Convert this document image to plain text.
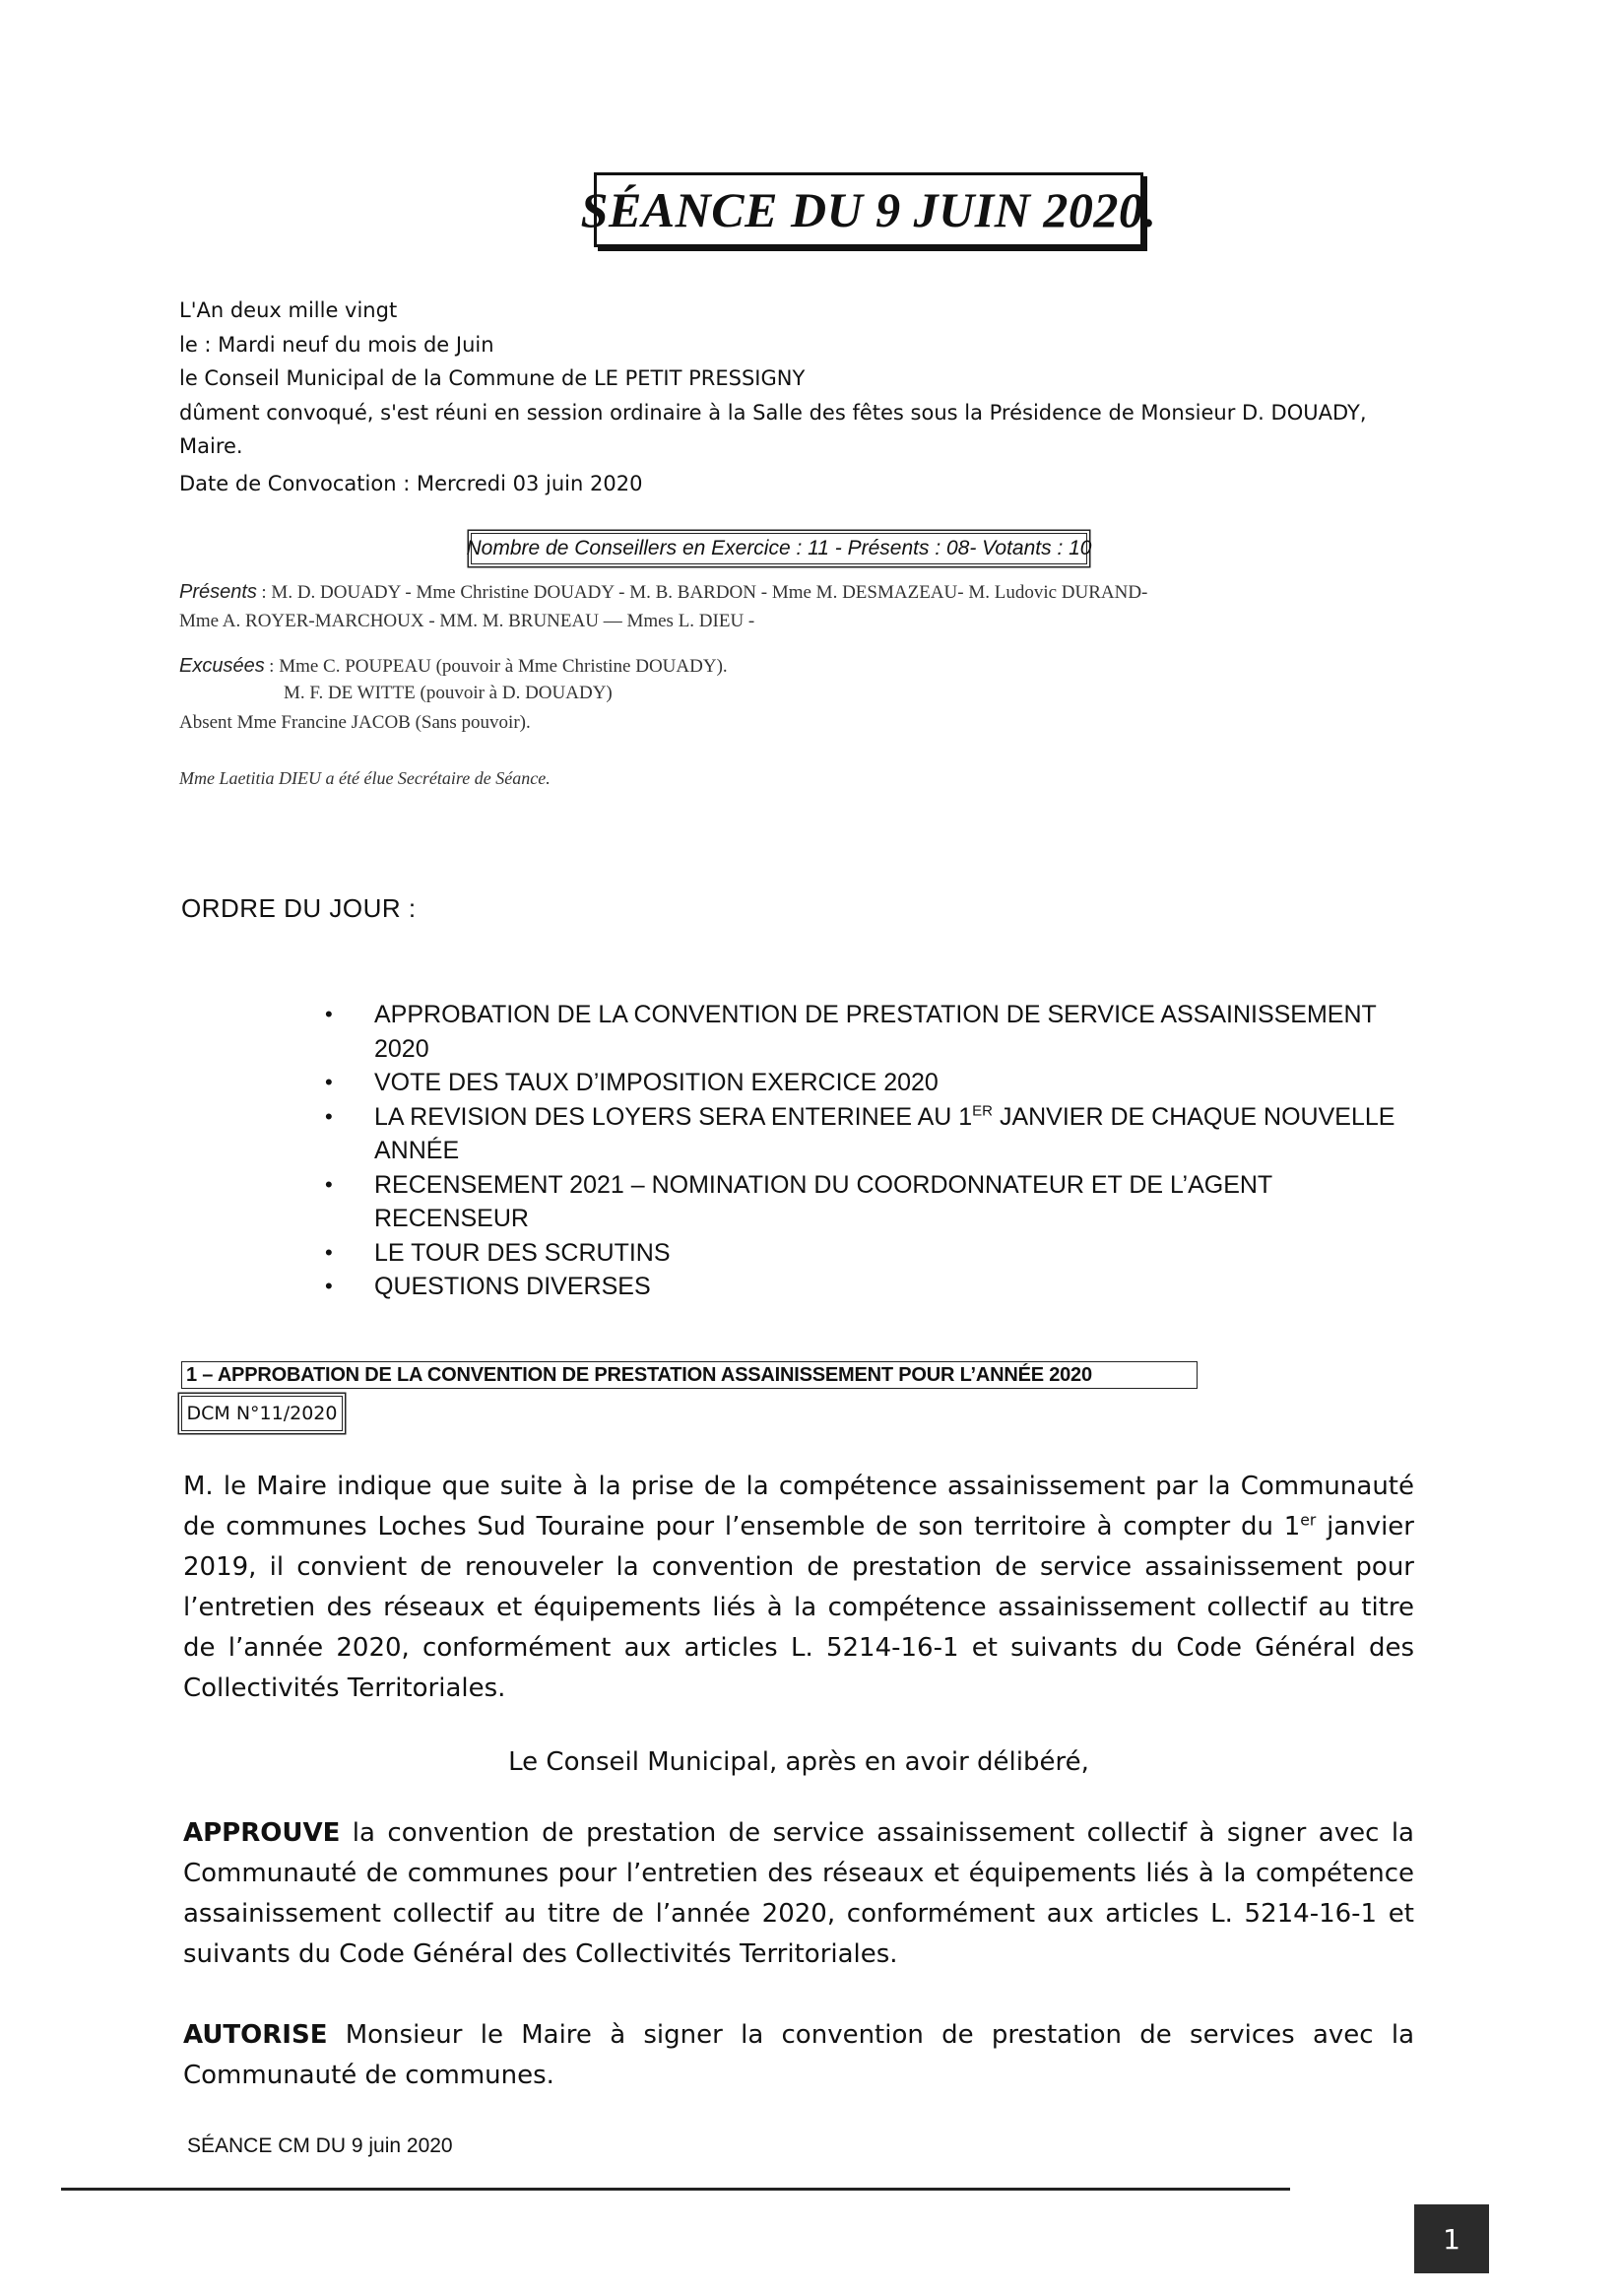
SÉANCE DU 9 JUIN 2020.

L'An deux mille vingt

le : Mardi neuf du mois de Juin

le Conseil Municipal de la Commune de LE PETIT PRESSIGNY

dûment convoqué, s'est réuni en session ordinaire à la Salle des fêtes sous la Présidence de Monsieur D. DOUADY,

Maire.

Date de Convocation : Mercredi 03 juin 2020
Nombre de Conseillers en Exercice : 11 - Présents : 08- Votants : 10
Présents : M. D. DOUADY - Mme Christine DOUADY - M. B. BARDON - Mme M. DESMAZEAU- M. Ludovic DURAND-
Mme A. ROYER-MARCHOUX - MM. M. BRUNEAU — Mmes L. DIEU -
Excusées : Mme C. POUPEAU (pouvoir à Mme Christine DOUADY).
M. F. DE WITTE (pouvoir à D. DOUADY)
Absent Mme Francine JACOB (Sans pouvoir).
Mme Laetitia DIEU a été élue Secrétaire de Séance.
ORDRE DU JOUR :
• APPROBATION DE LA CONVENTION DE PRESTATION DE SERVICE ASSAINISSEMENT
2020
• VOTE DES TAUX D’IMPOSITION EXERCICE 2020
• LA REVISION DES LOYERS SERA ENTERINEE AU 1ER JANVIER DE CHAQUE NOUVELLE
ANNÉE
• RECENSEMENT 2021 – NOMINATION DU COORDONNATEUR ET DE L’AGENT
RECENSEUR
• LE TOUR DES SCRUTINS
• QUESTIONS DIVERSES
1 – APPROBATION DE LA CONVENTION DE PRESTATION ASSAINISSEMENT POUR L’ANNÉE 2020
DCM N°11/2020
M. le Maire indique que suite à la prise de la compétence assainissement par la Communauté de communes Loches Sud Touraine pour l’ensemble de son territoire à compter du 1er janvier 2019, il convient de renouveler la convention de prestation de service assainissement pour l’entretien des réseaux et équipements liés à la compétence assainissement collectif au titre de l’année 2020, conformément aux articles L. 5214-16-1 et suivants du Code Général des Collectivités Territoriales.
Le Conseil Municipal, après en avoir délibéré,
APPROUVE la convention de prestation de service assainissement collectif à signer avec la Communauté de communes pour l’entretien des réseaux et équipements liés à la compétence assainissement collectif au titre de l’année 2020, conformément aux articles L. 5214-16-1 et suivants du Code Général des Collectivités Territoriales.
AUTORISE Monsieur le Maire à signer la convention de prestation de services avec la Communauté de communes.
SÉANCE CM DU 9 juin 2020
1
